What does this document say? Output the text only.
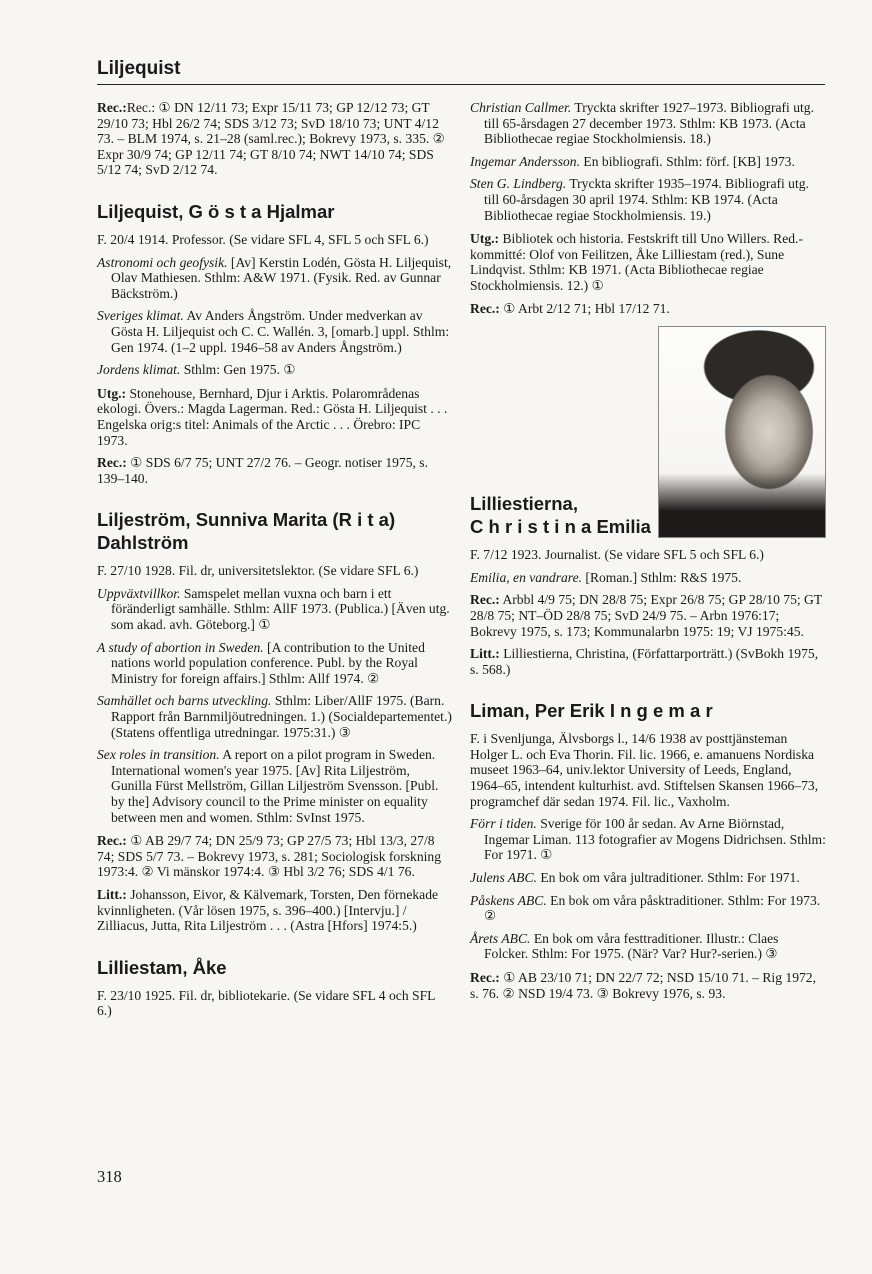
Liljequist

Rec.:Rec.: ① DN 12/11 73; Expr 15/11 73; GP 12/12 73; GT 29/10 73; Hbl 26/2 74; SDS 3/12 73; SvD 18/10 73; UNT 4/12 73. – BLM 1974, s. 21–28 (saml.rec.); Bokrevy 1973, s. 335. ② Expr 30/9 74; GP 12/11 74; GT 8/10 74; NWT 14/10 74; SDS 5/12 74; SvD 2/12 74.

Liljequist, G ö s t a Hjalmar

F. 20/4 1914. Professor. (Se vidare SFL 4, SFL 5 och SFL 6.)

Astronomi och geofysik. [Av] Kerstin Lodén, Gösta H. Liljequist, Olav Mathiesen. Sthlm: A&W 1971. (Fysik. Red. av Gunnar Bäckström.)

Sveriges klimat. Av Anders Ångström. Under medverkan av Gösta H. Liljequist och C. C. Wallén. 3, [omarb.] uppl. Sthlm: Gen 1974. (1–2 uppl. 1946–58 av Anders Ångström.)

Jordens klimat. Sthlm: Gen 1975. ①

Utg.: Stonehouse, Bernhard, Djur i Arktis. Polarområdenas ekologi. Övers.: Magda Lagerman. Red.: Gösta H. Liljequist . . . Engelska orig:s titel: Animals of the Arctic . . . Örebro: IPC 1973.

Rec.: ① SDS 6/7 75; UNT 27/2 76. – Geogr. notiser 1975, s. 139–140.

Liljeström, Sunniva Marita (R i t a) Dahlström

F. 27/10 1928. Fil. dr, universitetslektor. (Se vidare SFL 6.)

Uppväxtvillkor. Samspelet mellan vuxna och barn i ett föränderligt samhälle. Sthlm: AllF 1973. (Publica.) [Även utg. som akad. avh. Göteborg.] ①

A study of abortion in Sweden. [A contribution to the United nations world population conference. Publ. by the Royal Ministry for foreign affairs.] Sthlm: Allf 1974. ②

Samhället och barns utveckling. Sthlm: Liber/AllF 1975. (Barn. Rapport från Barnmiljöutredningen. 1.) (Socialdepartementet.) (Statens offentliga utredningar. 1975:31.) ③

Sex roles in transition. A report on a pilot program in Sweden. International women's year 1975. [Av] Rita Liljeström, Gunilla Fürst Mellström, Gillan Liljeström Svensson. [Publ. by the] Advisory council to the Prime minister on equality between men and women. Sthlm: SvInst 1975.

Rec.: ① AB 29/7 74; DN 25/9 73; GP 27/5 73; Hbl 13/3, 27/8 74; SDS 5/7 73. – Bokrevy 1973, s. 281; Sociologisk forskning 1973:4. ② Vi mänskor 1974:4. ③ Hbl 3/2 76; SDS 4/1 76.

Litt.: Johansson, Eivor, & Kälvemark, Torsten, Den förnekade kvinnligheten. (Vår lösen 1975, s. 396–400.) [Intervju.] / Zilliacus, Jutta, Rita Liljeström . . . (Astra [Hfors] 1974:5.)

Lilliestam, Åke

F. 23/10 1925. Fil. dr, bibliotekarie. (Se vidare SFL 4 och SFL 6.)

Christian Callmer. Tryckta skrifter 1927–1973. Bibliografi utg. till 65-årsdagen 27 december 1973. Sthlm: KB 1973. (Acta Bibliothecae regiae Stockholmiensis. 18.)

Ingemar Andersson. En bibliografi. Sthlm: förf. [KB] 1973.

Sten G. Lindberg. Tryckta skrifter 1935–1974. Bibliografi utg. till 60-årsdagen 30 april 1974. Sthlm: KB 1974. (Acta Bibliothecae regiae Stockholmiensis. 19.)

Utg.: Bibliotek och historia. Festskrift till Uno Willers. Red.-kommitté: Olof von Feilitzen, Åke Lilliestam (red.), Sune Lindqvist. Sthlm: KB 1971. (Acta Bibliothecae regiae Stockholmiensis. 12.) ①

Rec.: ① Arbt 2/12 71; Hbl 17/12 71.

Lilliestierna,
C h r i s t i n a Emilia

F. 7/12 1923. Journalist. (Se vidare SFL 5 och SFL 6.)

Emilia, en vandrare. [Roman.] Sthlm: R&S 1975.

Rec.: Arbbl 4/9 75; DN 28/8 75; Expr 26/8 75; GP 28/10 75; GT 28/8 75; NT–ÖD 28/8 75; SvD 24/9 75. – Arbn 1976:17; Bokrevy 1975, s. 173; Kommunalarbn 1975: 19; VJ 1975:45.

Litt.: Lilliestierna, Christina, (Författarporträtt.) (SvBokh 1975, s. 568.)

Liman, Per Erik I n g e m a r

F. i Svenljunga, Älvsborgs l., 14/6 1938 av posttjänsteman Holger L. och Eva Thorin. Fil. lic. 1966, e. amanuens Nordiska museet 1963–64, univ.lektor University of Leeds, England, 1964–65, intendent kulturhist. avd. Stiftelsen Skansen 1966–73, programchef där sedan 1974. Fil. lic., Vaxholm.

Förr i tiden. Sverige för 100 år sedan. Av Arne Biörnstad, Ingemar Liman. 113 fotografier av Mogens Didrichsen. Sthlm: For 1971. ①

Julens ABC. En bok om våra jultraditioner. Sthlm: For 1971.

Påskens ABC. En bok om våra påsktraditioner. Sthlm: For 1973. ②

Årets ABC. En bok om våra festtraditioner. Illustr.: Claes Folcker. Sthlm: For 1975. (När? Var? Hur?-serien.) ③

Rec.: ① AB 23/10 71; DN 22/7 72; NSD 15/10 71. – Rig 1972, s. 76. ② NSD 19/4 73. ③ Bokrevy 1976, s. 93.

318
